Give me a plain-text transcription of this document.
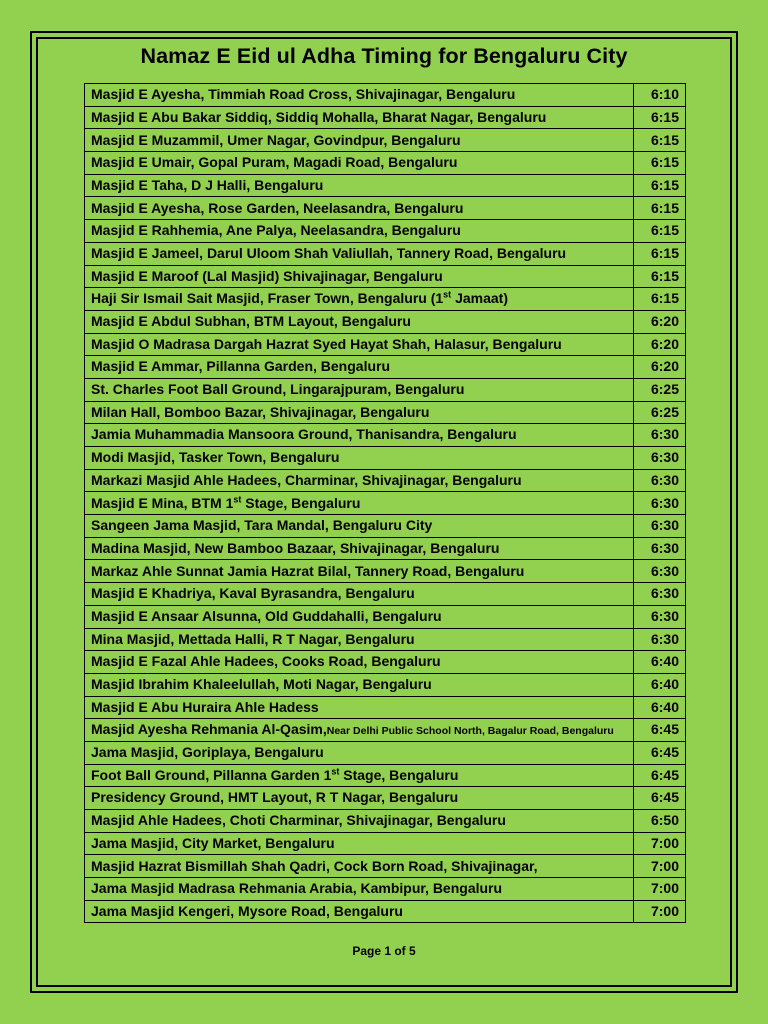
Namaz E Eid ul Adha Timing for Bengaluru City
Masjid E Ayesha, Timmiah Road Cross, Shivajinagar, Bengaluru	6:10
Masjid E Abu Bakar Siddiq, Siddiq Mohalla, Bharat Nagar, Bengaluru	6:15
Masjid E Muzammil, Umer Nagar, Govindpur, Bengaluru	6:15
Masjid E Umair, Gopal Puram, Magadi Road, Bengaluru	6:15
Masjid E Taha, D J Halli, Bengaluru	6:15
Masjid E Ayesha, Rose Garden, Neelasandra, Bengaluru	6:15
Masjid E Rahhemia, Ane Palya, Neelasandra, Bengaluru	6:15
Masjid E Jameel, Darul Uloom Shah Valiullah, Tannery Road, Bengaluru	6:15
Masjid E Maroof (Lal Masjid) Shivajinagar, Bengaluru	6:15
Haji Sir Ismail Sait Masjid, Fraser Town, Bengaluru (1st Jamaat)	6:15
Masjid E Abdul Subhan, BTM Layout, Bengaluru	6:20
Masjid O Madrasa Dargah Hazrat Syed Hayat Shah, Halasur, Bengaluru	6:20
Masjid E Ammar, Pillanna Garden, Bengaluru	6:20
St. Charles Foot Ball Ground, Lingarajpuram, Bengaluru	6:25
Milan Hall, Bomboo Bazar, Shivajinagar, Bengaluru	6:25
Jamia Muhammadia Mansoora Ground, Thanisandra, Bengaluru	6:30
Modi Masjid, Tasker Town, Bengaluru	6:30
Markazi Masjid Ahle Hadees, Charminar, Shivajinagar, Bengaluru	6:30
Masjid E Mina, BTM 1st Stage, Bengaluru	6:30
Sangeen Jama Masjid, Tara Mandal, Bengaluru City	6:30
Madina Masjid, New Bamboo Bazaar, Shivajinagar, Bengaluru	6:30
Markaz Ahle Sunnat Jamia Hazrat Bilal, Tannery Road, Bengaluru	6:30
Masjid E Khadriya, Kaval Byrasandra, Bengaluru	6:30
Masjid E Ansaar Alsunna, Old Guddahalli, Bengaluru	6:30
Mina Masjid, Mettada Halli, R T Nagar, Bengaluru	6:30
Masjid E Fazal Ahle Hadees, Cooks Road, Bengaluru	6:40
Masjid Ibrahim Khaleelullah, Moti Nagar, Bengaluru	6:40
Masjid E Abu Huraira Ahle Hadess	6:40
Masjid Ayesha Rehmania Al-Qasim,Near Delhi Public School North, Bagalur Road, Bengaluru	6:45
Jama Masjid, Goriplaya, Bengaluru	6:45
Foot Ball Ground, Pillanna Garden 1st Stage, Bengaluru	6:45
Presidency Ground, HMT Layout, R T Nagar, Bengaluru	6:45
Masjid Ahle Hadees, Choti Charminar, Shivajinagar, Bengaluru	6:50
Jama Masjid, City Market, Bengaluru	7:00
Masjid Hazrat Bismillah Shah Qadri, Cock Born Road, Shivajinagar,	7:00
Jama Masjid Madrasa Rehmania Arabia, Kambipur, Bengaluru	7:00
Jama Masjid Kengeri, Mysore Road, Bengaluru	7:00
Page 1 of 5
